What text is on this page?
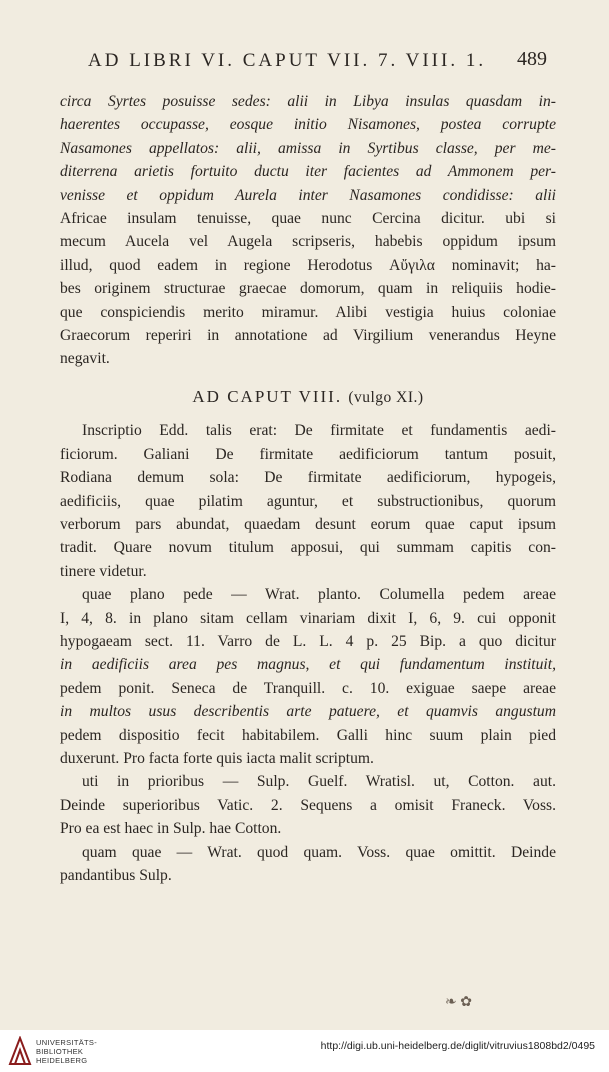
AD LIBRI VI. CAPUT VII. 7. VIII. 1. 489
circa Syrtes posuisse sedes: alii in Libya insulas quasdam in-
haerentes occupasse, eosque initio Nisamones, postea corrupte
Nasamones appellatos: alii, amissa in Syrtibus classe, per me-
diterrena arietis fortuito ductu iter facientes ad Ammonem per-
venisse et oppidum Aurela inter Nasamones condidisse: alii
Africae insulam tenuisse, quae nunc Cercina dicitur. ubi si
mecum Aucela vel Augela scripseris, habebis oppidum ipsum
illud, quod eadem in regione Herodotus Αὔγιλα nominavit; ha-
bes originem structurae graecae domorum, quam in reliquiis hodie-
que conspiciendis merito miramur. Alibi vestigia huius coloniae
Graecorum reperiri in annotatione ad Virgilium venerandus Heyne
negavit.
AD CAPUT VIII. (vulgo XI.)
Inscriptio Edd. talis erat: De firmitate et fundamentis aedi-
ficiorum. Galiani De firmitate aedificiorum tantum posuit,
Rodiana demum sola: De firmitate aedificiorum, hypogeis,
aedificiis, quae pilatim aguntur, et substructionibus, quorum
verborum pars abundat, quaedam desunt eorum quae caput ipsum
tradit. Quare novum titulum apposui, qui summam capitis con-
tinere videtur.
quae plano pede — Wrat. planto. Columella pedem areae
I, 4, 8. in plano sitam cellam vinariam dixit I, 6, 9. cui opponit
hypogaeam sect. 11. Varro de L. L. 4 p. 25 Bip. a quo dicitur
in aedificiis area pes magnus, et qui fundamentum instituit,
pedem ponit. Seneca de Tranquill. c. 10. exiguae saepe areae
in multos usus describentis arte patuere, et quamvis angustum
pedem dispositio fecit habitabilem. Galli hinc suum plain pied
duxerunt. Pro facta forte quis iacta malit scriptum.
uti in prioribus — Sulp. Guelf. Wratisl. ut, Cotton. aut.
Deinde superioribus Vatic. 2. Sequens a omisit Franeck. Voss.
Pro ea est haec in Sulp. hae Cotton.
quam quae — Wrat. quod quam. Voss. quae omittit. Deinde
pandantibus Sulp.
❧ ✿
UNIVERSITÄTS-
BIBLIOTHEK
HEIDELBERG
http://digi.ub.uni-heidelberg.de/diglit/vitruvius1808bd2/0495
